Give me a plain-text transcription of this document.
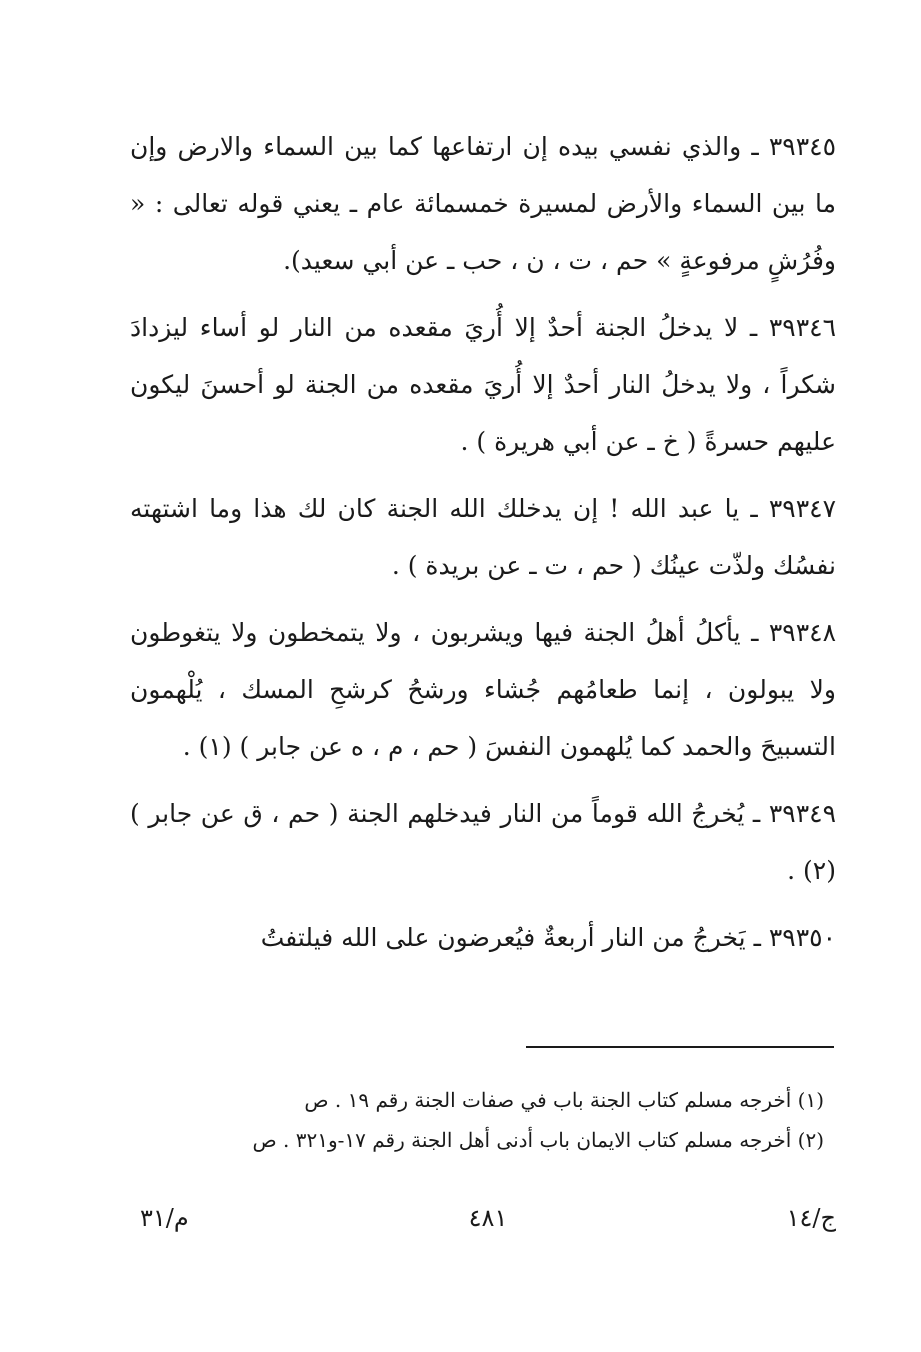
٣٩٣٤٥ ـ والذي نفسي بيده إن ارتفاعها كما بين السماء والارض وإن ما بين السماء والأرض لمسيرة خمسمائة عام ـ يعني قوله تعالى : « وفُرُشٍ مرفوعةٍ » حم ، ت ، ن ، حب ـ عن أبي سعيد).

٣٩٣٤٦ ـ لا يدخلُ الجنة أحدٌ إلا أُريَ مقعده من النار لو أساء ليزدادَ شكراً ، ولا يدخلُ النار أحدٌ إلا أُريَ مقعده من الجنة لو أحسنَ ليكون عليهم حسرةً ( خ ـ عن أبي هريرة ) .

٣٩٣٤٧ ـ يا عبد الله ! إن يدخلك الله الجنة كان لك هذا وما اشتهته نفسُك ولذّت عينُك ( حم ، ت ـ عن بريدة ) .

٣٩٣٤٨ ـ يأكلُ أهلُ الجنة فيها ويشربون ، ولا يتمخطون ولا يتغوطون ولا يبولون ، إنما طعامُهم جُشاء ورشحُ كرشحِ المسك ، يُلْهمون التسبيحَ والحمد كما يُلهمون النفسَ ( حم ، م ، ه عن جابر ) (١) .

٣٩٣٤٩ ـ يُخرجُ الله قوماً من النار فيدخلهم الجنة ( حم ، ق عن جابر ) (٢) .

٣٩٣٥٠ ـ يَخرجُ من النار أربعةٌ فيُعرضون على الله فيلتفتُ

(١) أخرجه مسلم كتاب الجنة باب في صفات الجنة رقم ١٩ . ص

(٢) أخرجه مسلم كتاب الايمان باب أدنى أهل الجنة رقم ١٧-و٣٢١ . ص

ج/١٤
٤٨١
م/٣١
